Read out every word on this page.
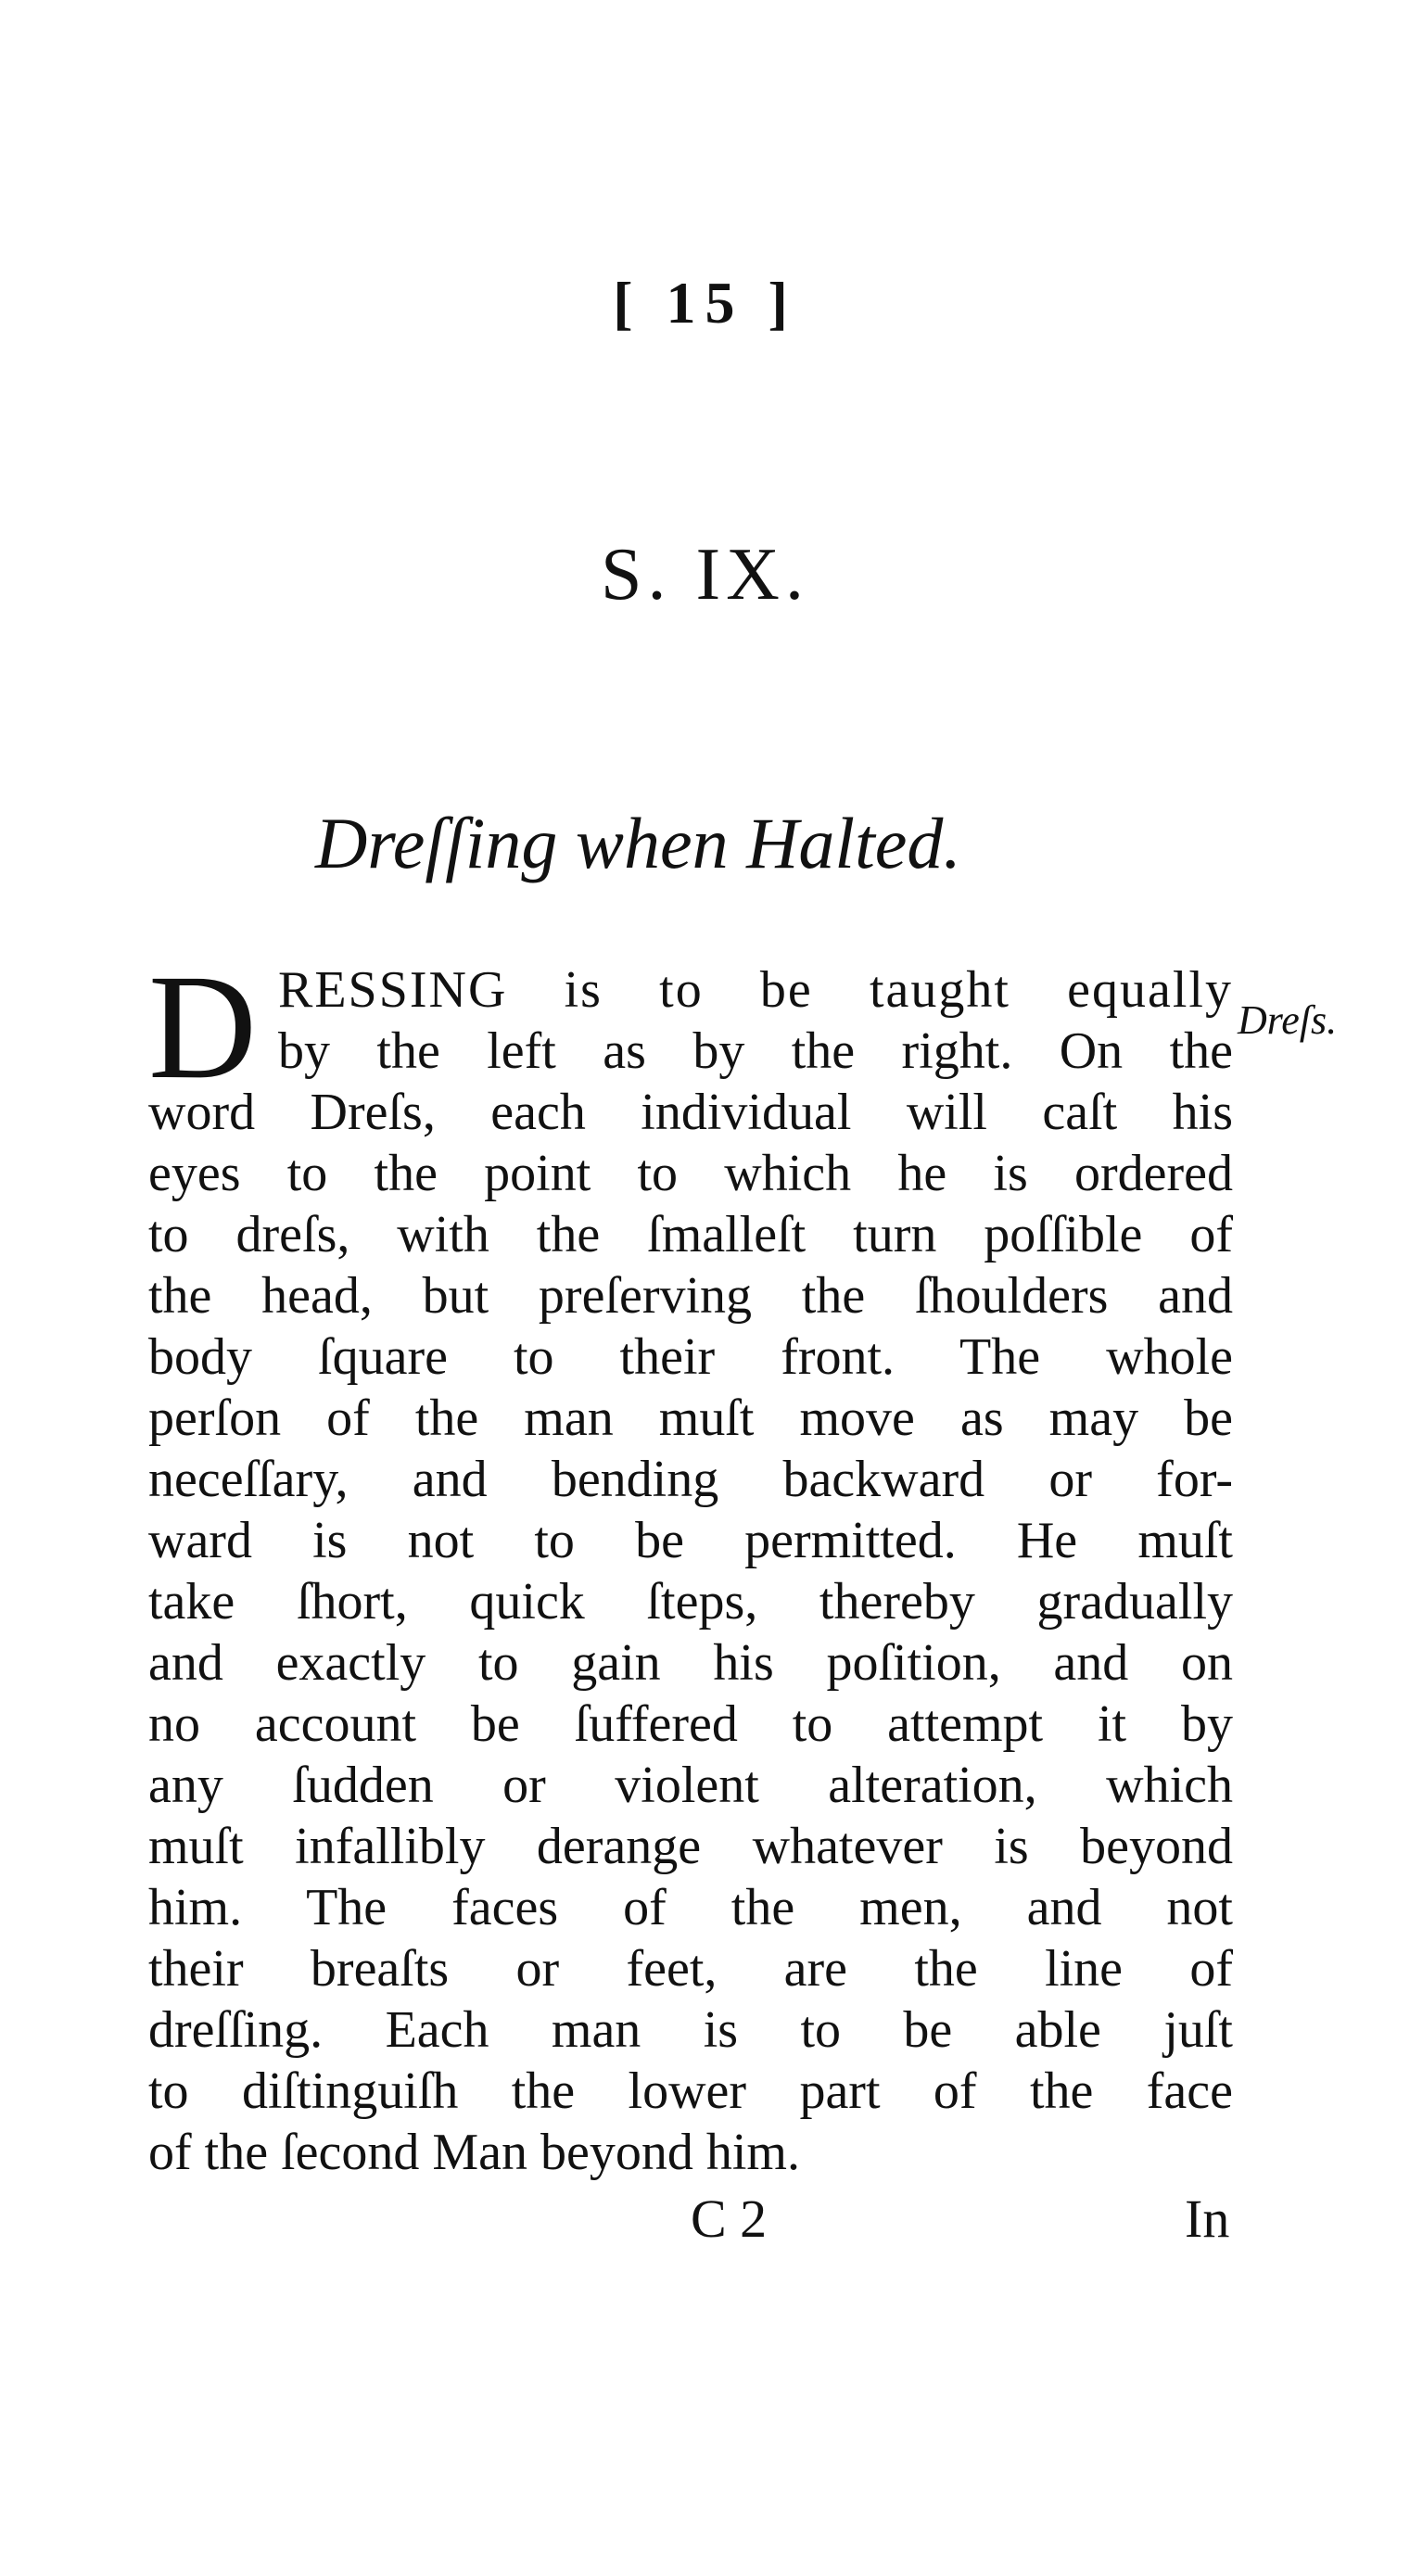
[ 15 ]
S. IX.
Dreſſing when Halted.
Dreſs.
D RESSING is to be taught equally
by the left as by the right. On the
word Dreſs, each individual will caſt his
eyes to the point to which he is ordered
to dreſs, with the ſmalleſt turn poſſible of
the head, but preſerving the ſhoulders and
body ſquare to their front. The whole
perſon of the man muſt move as may be
neceſſary, and bending backward or for-
ward is not to be permitted. He muſt
take ſhort, quick ſteps, thereby gradually
and exactly to gain his poſition, and on
no account be ſuffered to attempt it by
any ſudden or violent alteration, which
muſt infallibly derange whatever is beyond
him. The faces of the men, and not
their breaſts or feet, are the line of
dreſſing. Each man is to be able juſt
to diſtinguiſh the lower part of the face
of the ſecond Man beyond him.
C 2	In
